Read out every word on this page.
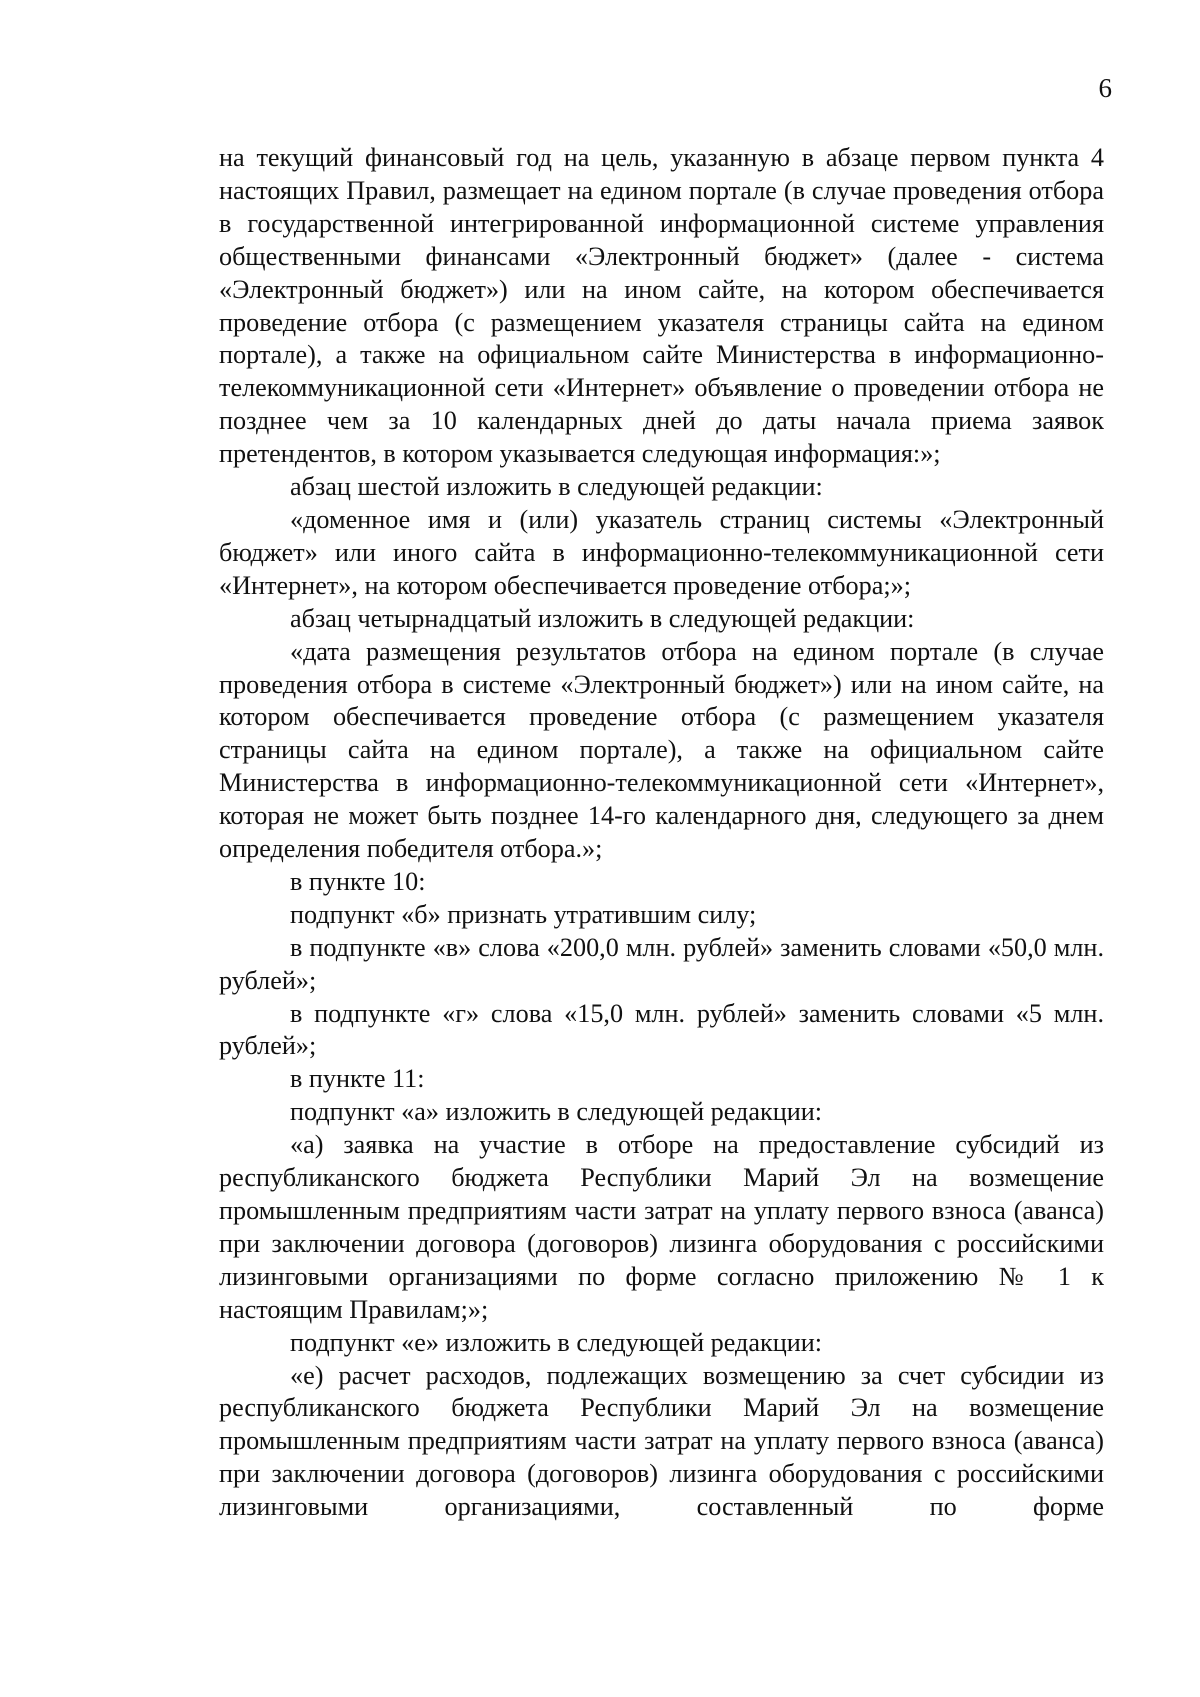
6

на текущий финансовый год на цель, указанную в абзаце первом пункта 4 настоящих Правил, размещает на едином портале (в случае проведения отбора в государственной интегрированной информационной системе управления общественными финансами «Электронный бюджет» (далее - система «Электронный бюджет») или на ином сайте, на котором обеспечивается проведение отбора (с размещением указателя страницы сайта на едином портале), а также на официальном сайте Министерства в информационно-телекоммуникационной сети «Интернет» объявление о проведении отбора не позднее чем за 10 календарных дней до даты начала приема заявок претендентов, в котором указывается следующая информация:»;

абзац шестой изложить в следующей редакции:

«доменное имя и (или) указатель страниц системы «Электронный бюджет» или иного сайта в информационно-телекоммуникационной сети «Интернет», на котором обеспечивается проведение отбора;»;

абзац четырнадцатый изложить в следующей редакции:

«дата размещения результатов отбора на едином портале (в случае проведения отбора в системе «Электронный бюджет») или на ином сайте, на котором обеспечивается проведение отбора (с размещением указателя страницы сайта на едином портале), а также на официальном сайте Министерства в информационно-телекоммуникационной сети «Интернет», которая не может быть позднее 14-го календарного дня, следующего за днем определения победителя отбора.»;

в пункте 10:

подпункт «б» признать утратившим силу;

в подпункте «в» слова «200,0 млн. рублей» заменить словами «50,0 млн. рублей»;

в подпункте «г» слова «15,0 млн. рублей» заменить словами «5 млн. рублей»;

в пункте 11:

подпункт «а» изложить в следующей редакции:

«а) заявка на участие в отборе на предоставление субсидий из республиканского бюджета Республики Марий Эл на возмещение промышленным предприятиям части затрат на уплату первого взноса (аванса) при заключении договора (договоров) лизинга оборудования с российскими лизинговыми организациями по форме согласно приложению № 1 к настоящим Правилам;»;

подпункт «е» изложить в следующей редакции:

«е) расчет расходов, подлежащих возмещению за счет субсидии из республиканского бюджета Республики Марий Эл на возмещение промышленным предприятиям части затрат на уплату первого взноса (аванса) при заключении договора (договоров) лизинга оборудования с российскими лизинговыми организациями, составленный по форме
